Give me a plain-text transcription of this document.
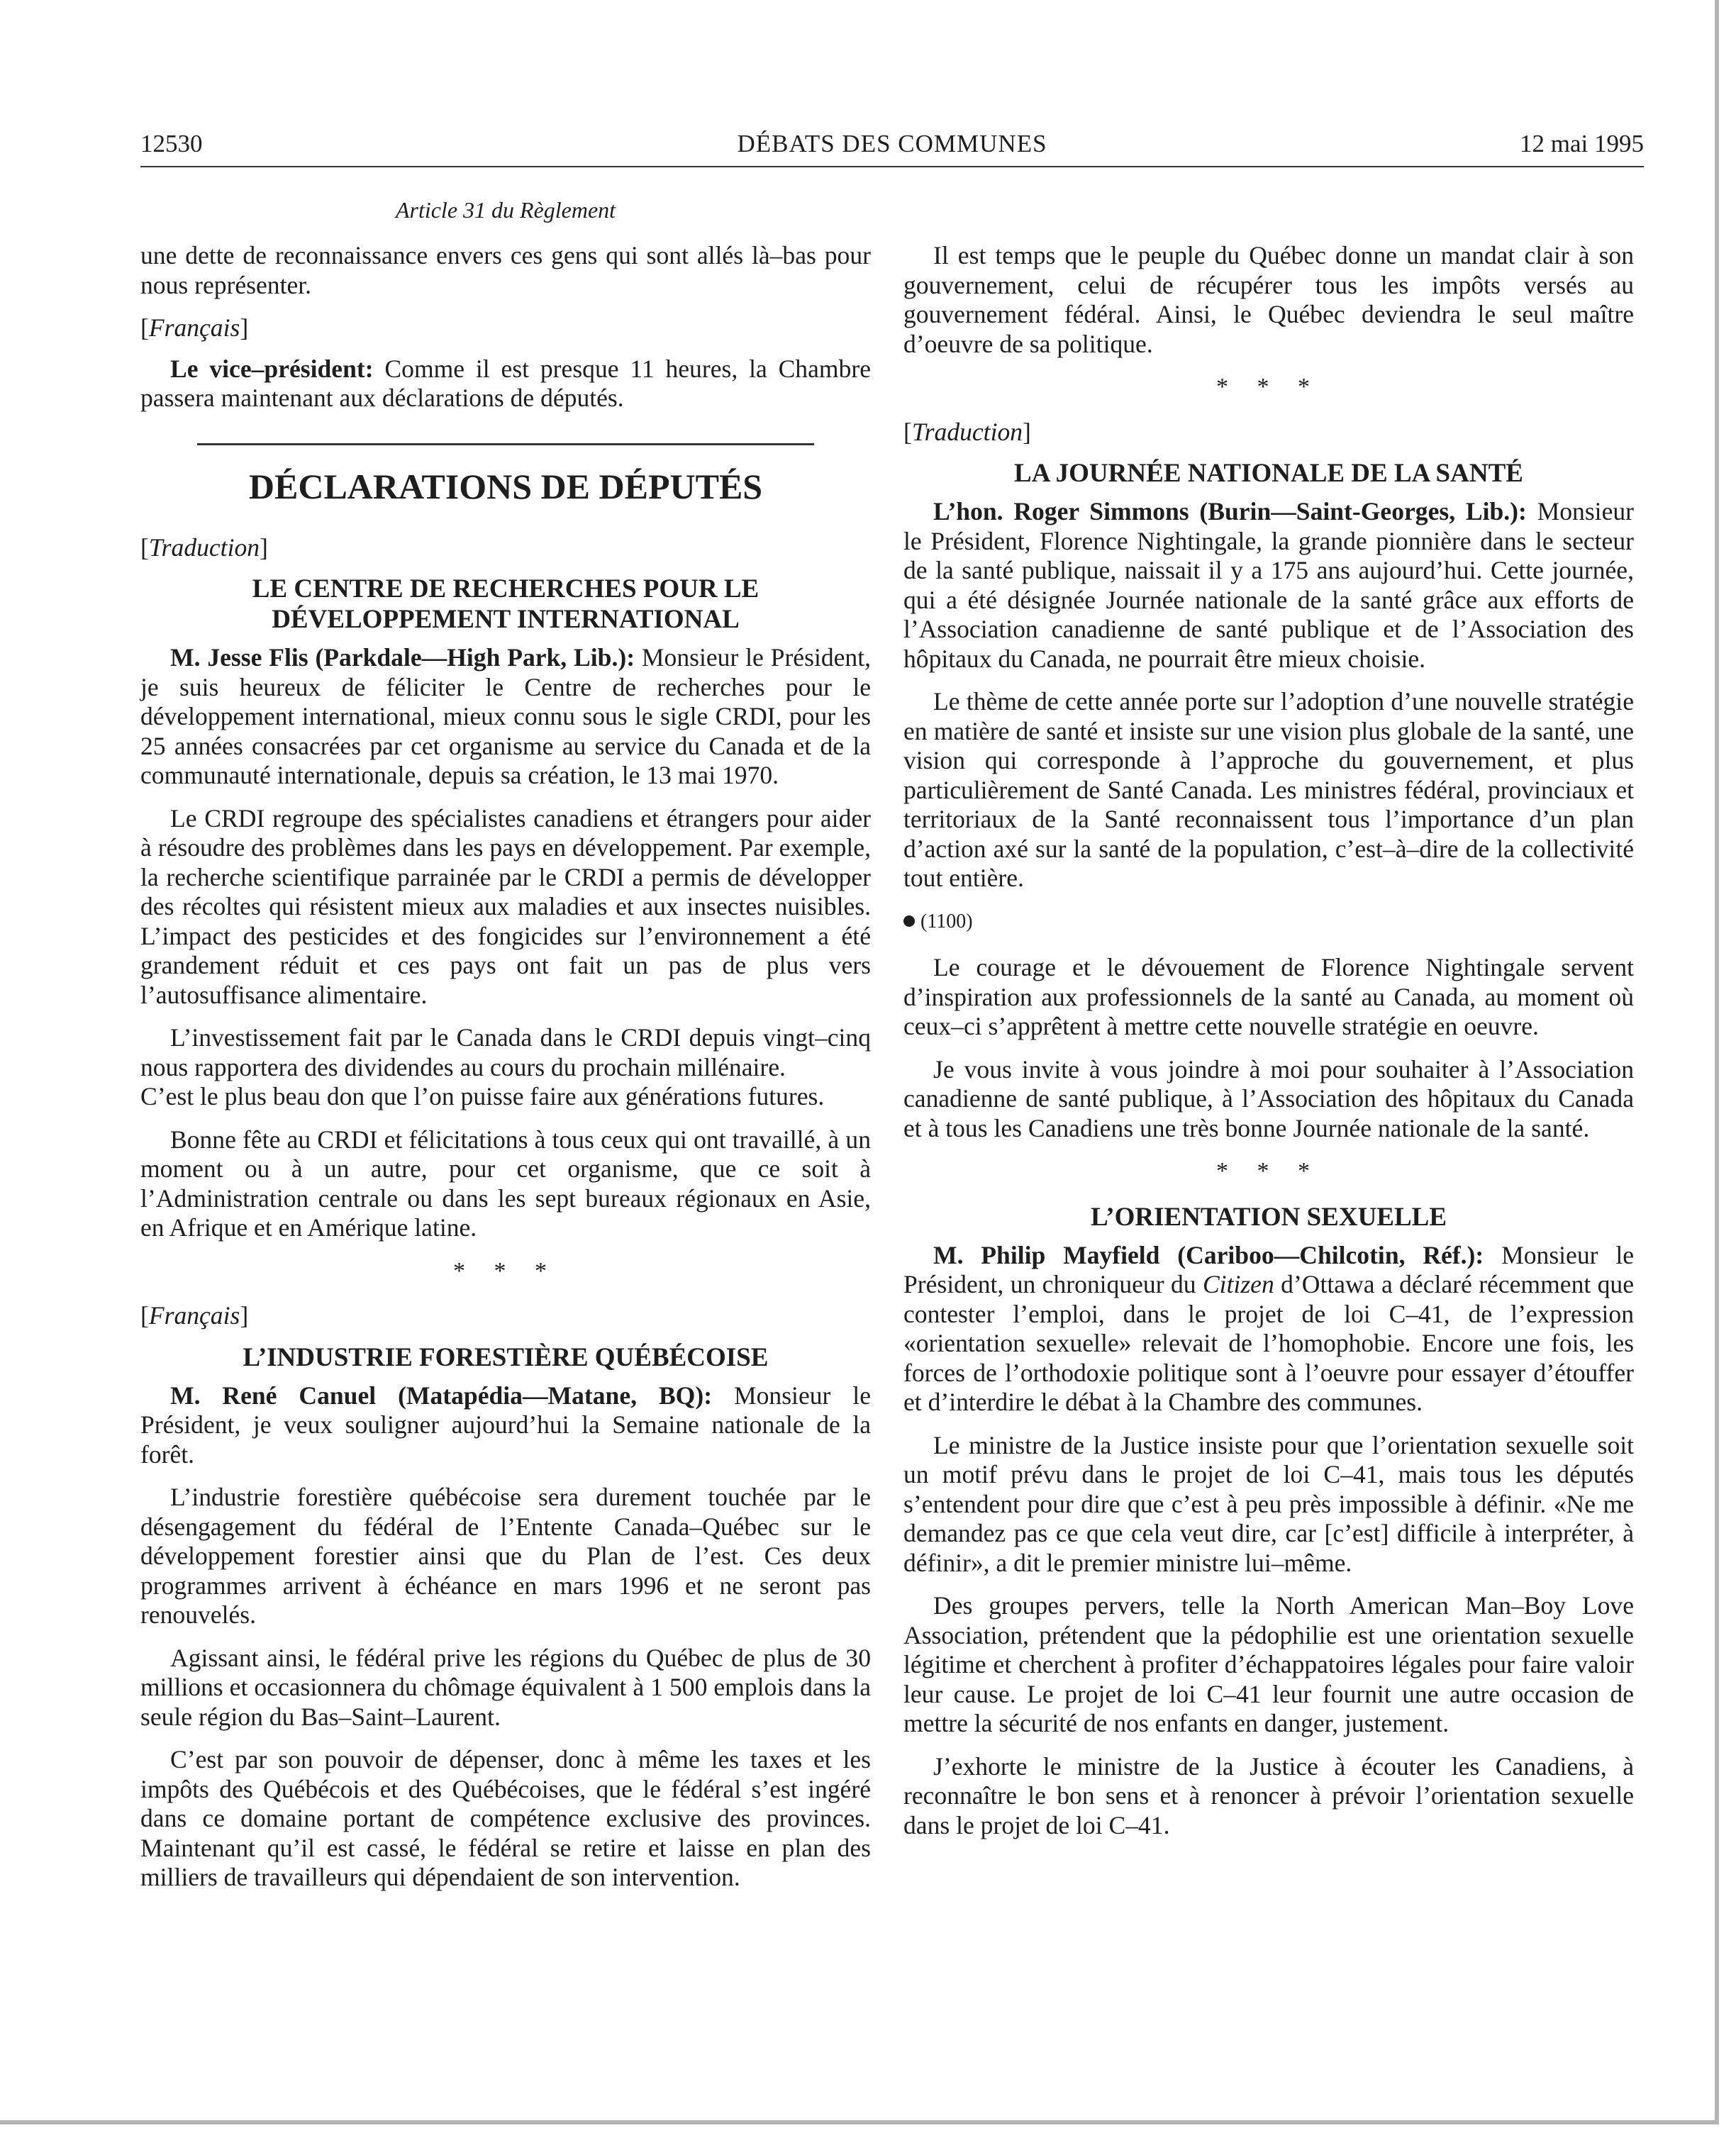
12530	DÉBATS DES COMMUNES	12 mai 1995
Article 31 du Règlement

une dette de reconnaissance envers ces gens qui sont allés là–bas pour nous représenter.

[Français]

Le vice–président: Comme il est presque 11 heures, la Chambre passera maintenant aux déclarations de députés.

DÉCLARATIONS DE DÉPUTÉS

[Traduction]

LE CENTRE DE RECHERCHES POUR LE DÉVELOPPEMENT INTERNATIONAL

M. Jesse Flis (Parkdale—High Park, Lib.): Monsieur le Président, je suis heureux de féliciter le Centre de recherches pour le développement international, mieux connu sous le sigle CRDI, pour les 25 années consacrées par cet organisme au service du Canada et de la communauté internationale, depuis sa création, le 13 mai 1970.

Le CRDI regroupe des spécialistes canadiens et étrangers pour aider à résoudre des problèmes dans les pays en développement. Par exemple, la recherche scientifique parrainée par le CRDI a permis de développer des récoltes qui résistent mieux aux maladies et aux insectes nuisibles. L’impact des pesticides et des fongicides sur l’environnement a été grandement réduit et ces pays ont fait un pas de plus vers l’autosuffisance alimentaire.

L’investissement fait par le Canada dans le CRDI depuis vingt–cinq nous rapportera des dividendes au cours du prochain millénaire.

C’est le plus beau don que l’on puisse faire aux générations futures.

Bonne fête au CRDI et félicitations à tous ceux qui ont travaillé, à un moment ou à un autre, pour cet organisme, que ce soit à l’Administration centrale ou dans les sept bureaux régionaux en Asie, en Afrique et en Amérique latine.

* * *

[Français]

L’INDUSTRIE FORESTIÈRE QUÉBÉCOISE

M. René Canuel (Matapédia—Matane, BQ): Monsieur le Président, je veux souligner aujourd’hui la Semaine nationale de la forêt.

L’industrie forestière québécoise sera durement touchée par le désengagement du fédéral de l’Entente Canada–Québec sur le développement forestier ainsi que du Plan de l’est. Ces deux programmes arrivent à échéance en mars 1996 et ne seront pas renouvelés.

Agissant ainsi, le fédéral prive les régions du Québec de plus de 30 millions et occasionnera du chômage équivalent à 1 500 emplois dans la seule région du Bas–Saint–Laurent.

C’est par son pouvoir de dépenser, donc à même les taxes et les impôts des Québécois et des Québécoises, que le fédéral s’est ingéré dans ce domaine portant de compétence exclusive des provinces. Maintenant qu’il est cassé, le fédéral se retire et laisse en plan des milliers de travailleurs qui dépendaient de son intervention.

Il est temps que le peuple du Québec donne un mandat clair à son gouvernement, celui de récupérer tous les impôts versés au gouvernement fédéral. Ainsi, le Québec deviendra le seul maître d’oeuvre de sa politique.

* * *

[Traduction]

LA JOURNÉE NATIONALE DE LA SANTÉ

L’hon. Roger Simmons (Burin—Saint-Georges, Lib.): Monsieur le Président, Florence Nightingale, la grande pionnière dans le secteur de la santé publique, naissait il y a 175 ans aujourd’hui. Cette journée, qui a été désignée Journée nationale de la santé grâce aux efforts de l’Association canadienne de santé publique et de l’Association des hôpitaux du Canada, ne pourrait être mieux choisie.

Le thème de cette année porte sur l’adoption d’une nouvelle stratégie en matière de santé et insiste sur une vision plus globale de la santé, une vision qui corresponde à l’approche du gouvernement, et plus particulièrement de Santé Canada. Les ministres fédéral, provinciaux et territoriaux de la Santé reconnaissent tous l’importance d’un plan d’action axé sur la santé de la population, c’est–à–dire de la collectivité tout entière.

(1100)

Le courage et le dévouement de Florence Nightingale servent d’inspiration aux professionnels de la santé au Canada, au moment où ceux–ci s’apprêtent à mettre cette nouvelle stratégie en oeuvre.

Je vous invite à vous joindre à moi pour souhaiter à l’Association canadienne de santé publique, à l’Association des hôpitaux du Canada et à tous les Canadiens une très bonne Journée nationale de la santé.

* * *
L’ORIENTATION SEXUELLE

M. Philip Mayfield (Cariboo—Chilcotin, Réf.): Monsieur le Président, un chroniqueur du Citizen d’Ottawa a déclaré récemment que contester l’emploi, dans le projet de loi C–41, de l’expression «orientation sexuelle» relevait de l’homophobie. Encore une fois, les forces de l’orthodoxie politique sont à l’oeuvre pour essayer d’étouffer et d’interdire le débat à la Chambre des communes.

Le ministre de la Justice insiste pour que l’orientation sexuelle soit un motif prévu dans le projet de loi C–41, mais tous les députés s’entendent pour dire que c’est à peu près impossible à définir. «Ne me demandez pas ce que cela veut dire, car [c’est] difficile à interpréter, à définir», a dit le premier ministre lui–même.

Des groupes pervers, telle la North American Man–Boy Love Association, prétendent que la pédophilie est une orientation sexuelle légitime et cherchent à profiter d’échappatoires légales pour faire valoir leur cause. Le projet de loi C–41 leur fournit une autre occasion de mettre la sécurité de nos enfants en danger, justement.

J’exhorte le ministre de la Justice à écouter les Canadiens, à reconnaître le bon sens et à renoncer à prévoir l’orientation sexuelle dans le projet de loi C–41.
